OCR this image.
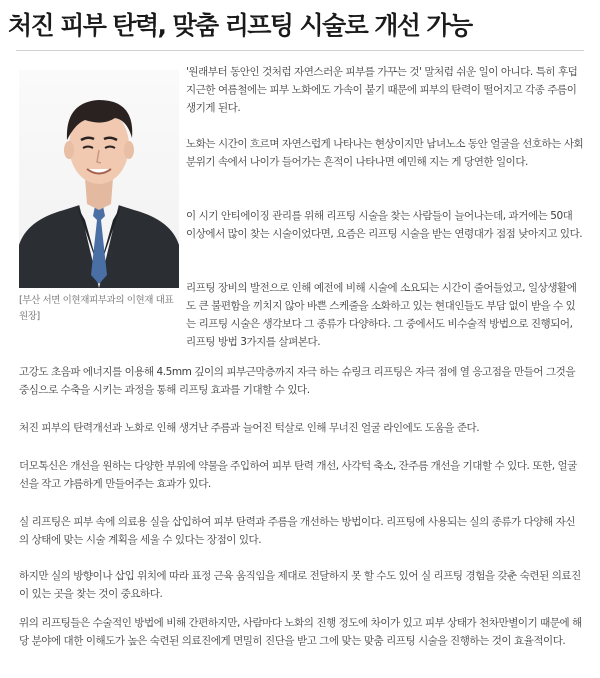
처진 피부 탄력, 맞춤 리프팅 시술로 개선 가능
[부산 서면 이현재피부과의 이현재 대표원장]

'원래부터 동안인 것처럼 자연스러운 피부를 가꾸는 것' 말처럼 쉬운 일이 아니다. 특히 후덥지근한 여름철에는 피부 노화에도 가속이 붙기 때문에 피부의 탄력이 떨어지고 각종 주름이 생기게 된다.

노화는 시간이 흐르며 자연스럽게 나타나는 현상이지만 남녀노소 동안 얼굴을 선호하는 사회 분위기 속에서 나이가 들어가는 흔적이 나타나면 예민해 지는 게 당연한 일이다.

이 시기 안티에이징 관리를 위해 리프팅 시술을 찾는 사람들이 늘어나는데, 과거에는 50대 이상에서 많이 찾는 시술이었다면, 요즘은 리프팅 시술을 받는 연령대가 점점 낮아지고 있다.

리프팅 장비의 발전으로 인해 예전에 비해 시술에 소요되는 시간이 줄어들었고, 일상생활에도 큰 불편함을 끼치지 않아 바쁜 스케줄을 소화하고 있는 현대인들도 부담 없이 받을 수 있는 리프팅 시술은 생각보다 그 종류가 다양하다. 그 중에서도 비수술적 방법으로 진행되어, 리프팅 방법 3가지를 살펴본다.

고강도 초음파 에너지를 이용해 4.5mm 깊이의 피부근막층까지 자극 하는 슈링크 리프팅은 자극 점에 열 응고점을 만들어 그것을 중심으로 수축을 시키는 과정을 통해 리프팅 효과를 기대할 수 있다.

처진 피부의 탄력개선과 노화로 인해 생겨난 주름과 늘어진 턱살로 인해 무너진 얼굴 라인에도 도움을 준다.

더모톡신은 개선을 원하는 다양한 부위에 약물을 주입하여 피부 탄력 개선, 사각턱 축소, 잔주름 개선을 기대할 수 있다. 또한, 얼굴선을 작고 갸름하게 만들어주는 효과가 있다.

실 리프팅은 피부 속에 의료용 실을 삽입하여 피부 탄력과 주름을 개선하는 방법이다. 리프팅에 사용되는 실의 종류가 다양해 자신의 상태에 맞는 시술 계획을 세울 수 있다는 장점이 있다.

하지만 실의 방향이나 삽입 위치에 따라 표정 근육 움직임을 제대로 전달하지 못 할 수도 있어 실 리프팅 경험을 갖춘 숙련된 의료진이 있는 곳을 찾는 것이 중요하다.

위의 리프팅들은 수술적인 방법에 비해 간편하지만, 사람마다 노화의 진행 정도에 차이가 있고 피부 상태가 천차만별이기 때문에 해당 분야에 대한 이해도가 높은 숙련된 의료진에게 면밀히 진단을 받고 그에 맞는 맞춤 리프팅 시술을 진행하는 것이 효율적이다.
